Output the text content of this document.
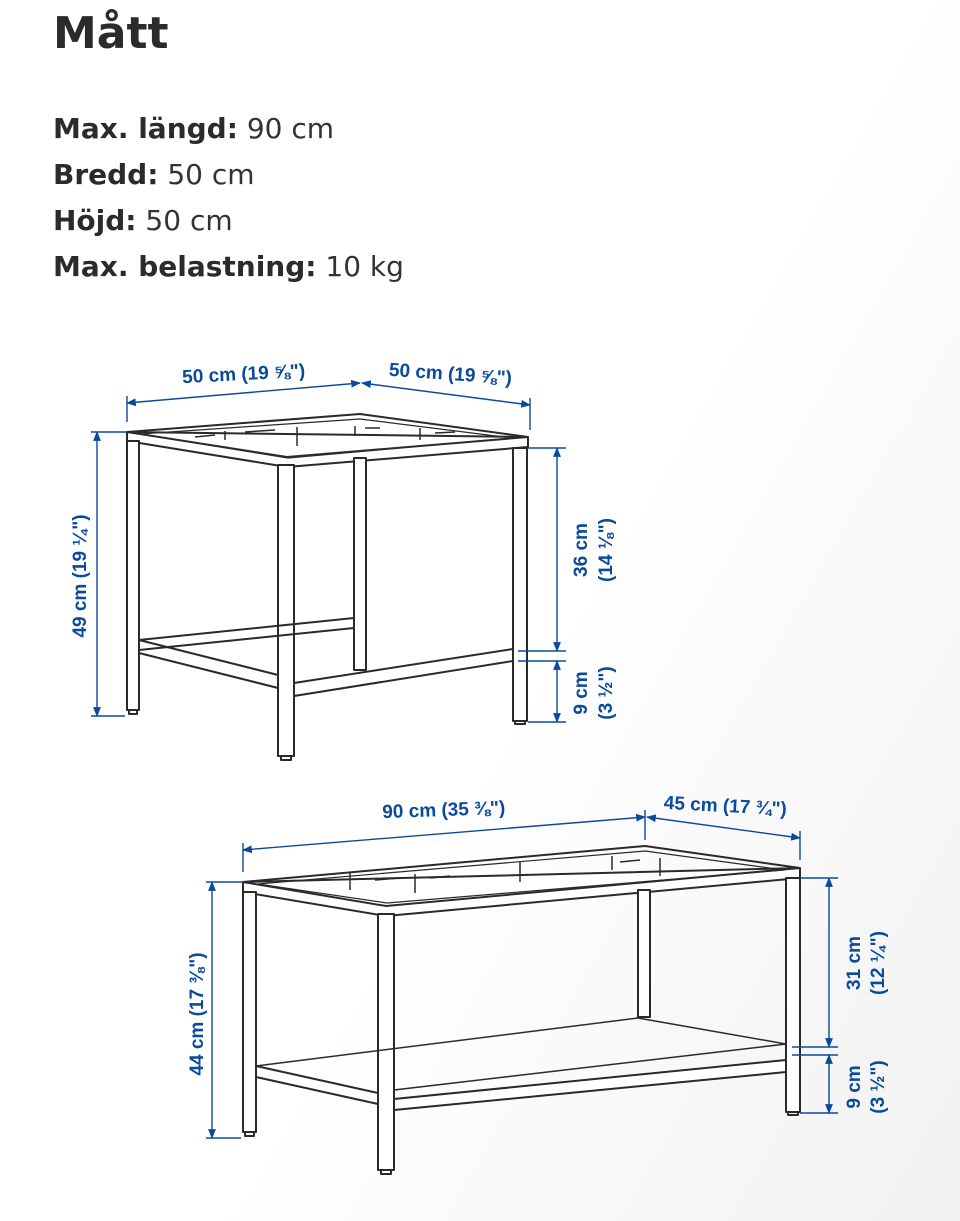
Mått
Max. längd: 90 cm
Bredd: 50 cm
Höjd: 50 cm
Max. belastning: 10 kg
50 cm (19 ⅝")	50 cm (19 ⅝")
49 cm (19 ¼")	36 cm (14 ⅛")
9 cm (3 ½")
90 cm (35 ⅜")	45 cm (17 ¾")
44 cm (17 ⅜")	31 cm (12 ¼")
9 cm (3 ½")
